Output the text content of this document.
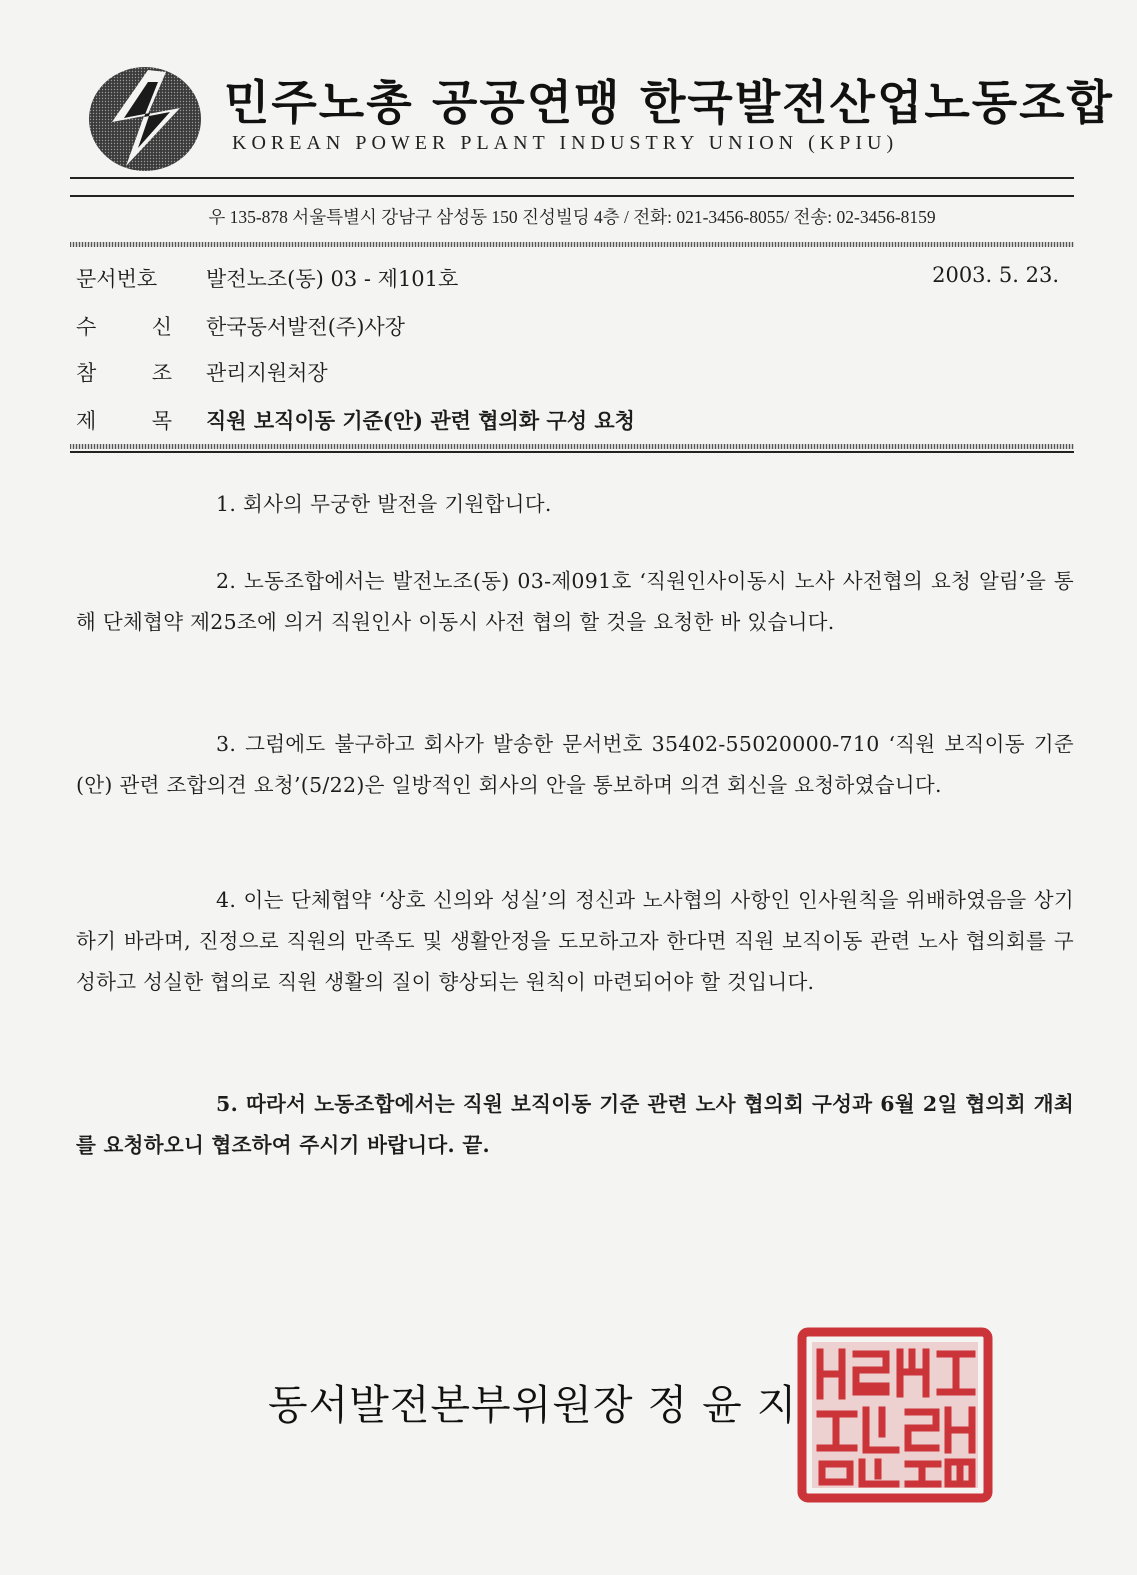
민주노총 공공연맹 한국발전산업노동조합
KOREAN POWER PLANT INDUSTRY UNION (KPIU)
우 135-878 서울특별시 강남구 삼성동 150 진성빌딩 4층 / 전화: 021-3456-8055/ 전송: 02-3456-8159
문서번호 발전노조(동) 03 - 제101호	2003. 5. 23.
수 신 한국동서발전(주)사장
참 조 관리지원처장
제 목 직원 보직이동 기준(안) 관련 협의화 구성 요청
1. 회사의 무궁한 발전을 기원합니다.
2. 노동조합에서는 발전노조(동) 03-제091호 ‘직원인사이동시 노사 사전협의 요청 알림’을 통해 단체협약 제25조에 의거 직원인사 이동시 사전 협의 할 것을 요청한 바 있습니다.
3. 그럼에도 불구하고 회사가 발송한 문서번호 35402-55020000-710 ‘직원 보직이동 기준(안) 관련 조합의견 요청’(5/22)은 일방적인 회사의 안을 통보하며 의견 회신을 요청하였습니다.
4. 이는 단체협약 ‘상호 신의와 성실’의 정신과 노사협의 사항인 인사원칙을 위배하였음을 상기하기 바라며, 진정으로 직원의 만족도 및 생활안정을 도모하고자 한다면 직원 보직이동 관련 노사 협의회를 구성하고 성실한 협의로 직원 생활의 질이 향상되는 원칙이 마련되어야 할 것입니다.
5. 따라서 노동조합에서는 직원 보직이동 기준 관련 노사 협의회 구성과 6월 2일 협의회 개최를 요청하오니 협조하여 주시기 바랍니다. 끝.
동서발전본부위원장 정 윤 지
